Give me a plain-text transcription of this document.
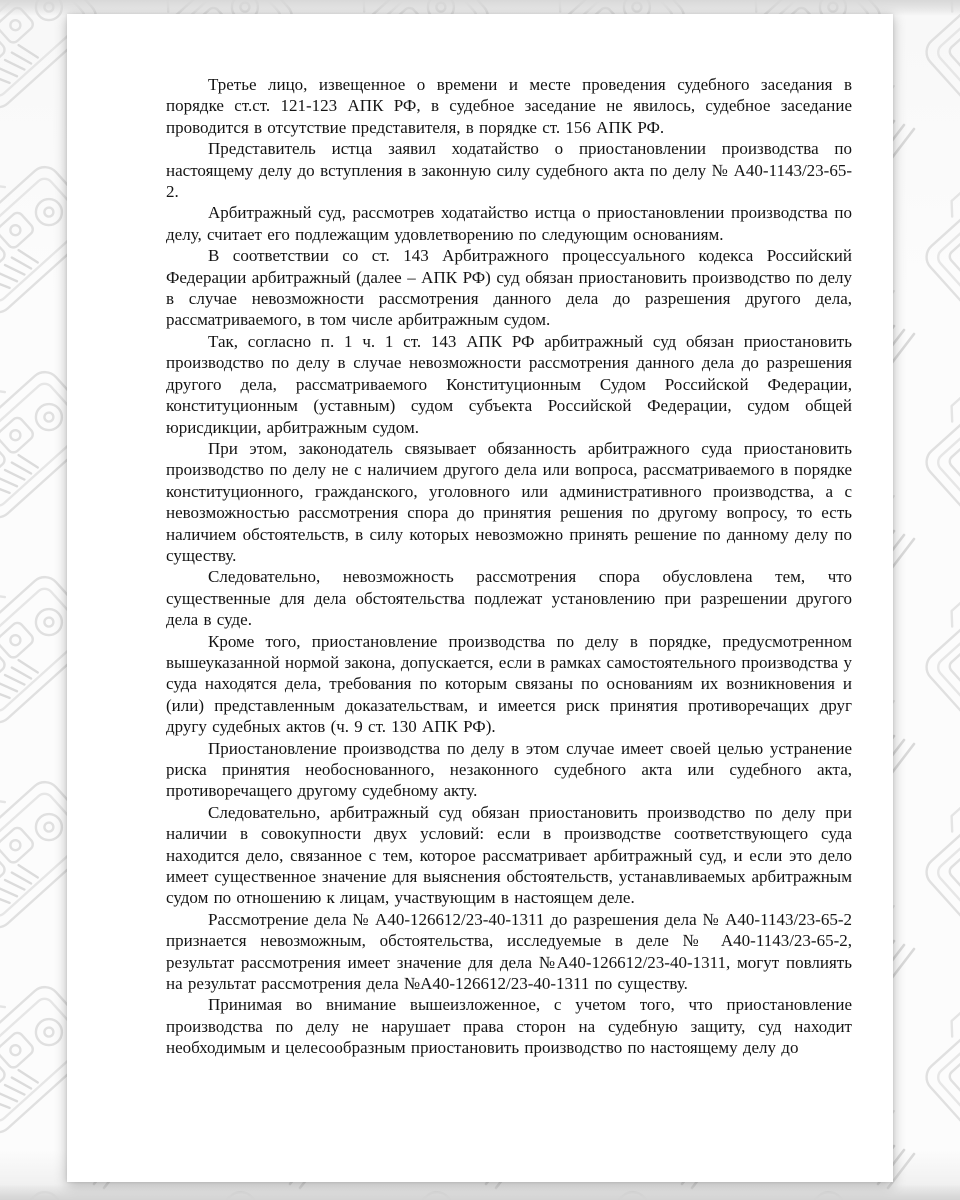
Третье лицо, извещенное о времени и месте проведения судебного заседания в порядке ст.ст. 121-123 АПК РФ, в судебное заседание не явилось, судебное заседание проводится в отсутствие представителя, в порядке ст. 156 АПК РФ.

Представитель истца заявил ходатайство о приостановлении производства по настоящему делу до вступления в законную силу судебного акта по делу № А40-1143/23-65-2.

Арбитражный суд, рассмотрев ходатайство истца о приостановлении производства по делу, считает его подлежащим удовлетворению по следующим основаниям.

В соответствии со ст. 143 Арбитражного процессуального кодекса Российский Федерации арбитражный (далее – АПК РФ) суд обязан приостановить производство по делу в случае невозможности рассмотрения данного дела до разрешения другого дела, рассматриваемого, в том числе арбитражным судом.

Так, согласно п. 1 ч. 1 ст. 143 АПК РФ арбитражный суд обязан приостановить производство по делу в случае невозможности рассмотрения данного дела до разрешения другого дела, рассматриваемого Конституционным Судом Российской Федерации, конституционным (уставным) судом субъекта Российской Федерации, судом общей юрисдикции, арбитражным судом.

При этом, законодатель связывает обязанность арбитражного суда приостановить производство по делу не с наличием другого дела или вопроса, рассматриваемого в порядке конституционного, гражданского, уголовного или административного производства, а с невозможностью рассмотрения спора до принятия решения по другому вопросу, то есть наличием обстоятельств, в силу которых невозможно принять решение по данному делу по существу.

Следовательно, невозможность рассмотрения спора обусловлена тем, что существенные для дела обстоятельства подлежат установлению при разрешении другого дела в суде.

Кроме того, приостановление производства по делу в порядке, предусмотренном вышеуказанной нормой закона, допускается, если в рамках самостоятельного производства у суда находятся дела, требования по которым связаны по основаниям их возникновения и (или) представленным доказательствам, и имеется риск принятия противоречащих друг другу судебных актов (ч. 9 ст. 130 АПК РФ).

Приостановление производства по делу в этом случае имеет своей целью устранение риска принятия необоснованного, незаконного судебного акта или судебного акта, противоречащего другому судебному акту.

Следовательно, арбитражный суд обязан приостановить производство по делу при наличии в совокупности двух условий: если в производстве соответствующего суда находится дело, связанное с тем, которое рассматривает арбитражный суд, и если это дело имеет существенное значение для выяснения обстоятельств, устанавливаемых арбитражным судом по отношению к лицам, участвующим в настоящем деле.

Рассмотрение дела № А40-126612/23-40-1311 до разрешения дела № А40-1143/23-65-2 признается невозможным, обстоятельства, исследуемые в деле № А40-1143/23-65-2, результат рассмотрения имеет значение для дела №А40-126612/23-40-1311, могут повлиять на результат рассмотрения дела №А40-126612/23-40-1311 по существу.

Принимая во внимание вышеизложенное, с учетом того, что приостановление производства по делу не нарушает права сторон на судебную защиту, суд находит необходимым и целесообразным приостановить производство по настоящему делу до
